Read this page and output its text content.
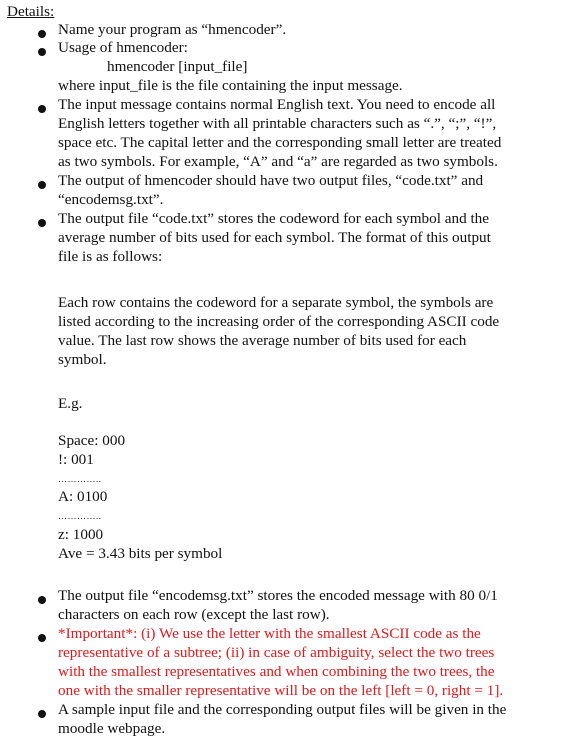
Details:
Name your program as “hmencoder”.
Usage of hmencoder:
hmencoder [input_file]
where input_file is the file containing the input message.
The input message contains normal English text. You need to encode all
English letters together with all printable characters such as “.”, “;”, “!”,
space etc. The capital letter and the corresponding small letter are treated
as two symbols. For example, “A” and “a” are regarded as two symbols.
The output of hmencoder should have two output files, “code.txt” and
“encodemsg.txt”.
The output file “code.txt” stores the codeword for each symbol and the
average number of bits used for each symbol. The format of this output
file is as follows:
Each row contains the codeword for a separate symbol, the symbols are
listed according to the increasing order of the corresponding ASCII code
value. The last row shows the average number of bits used for each
symbol.
E.g.
Space: 000
!: 001
…………..
A: 0100
…………..
z: 1000
Ave = 3.43 bits per symbol
The output file “encodemsg.txt” stores the encoded message with 80 0/1
characters on each row (except the last row).
*Important*: (i) We use the letter with the smallest ASCII code as the
representative of a subtree; (ii) in case of ambiguity, select the two trees
with the smallest representatives and when combining the two trees, the
one with the smaller representative will be on the left [left = 0, right = 1].
A sample input file and the corresponding output files will be given in the
moodle webpage.
